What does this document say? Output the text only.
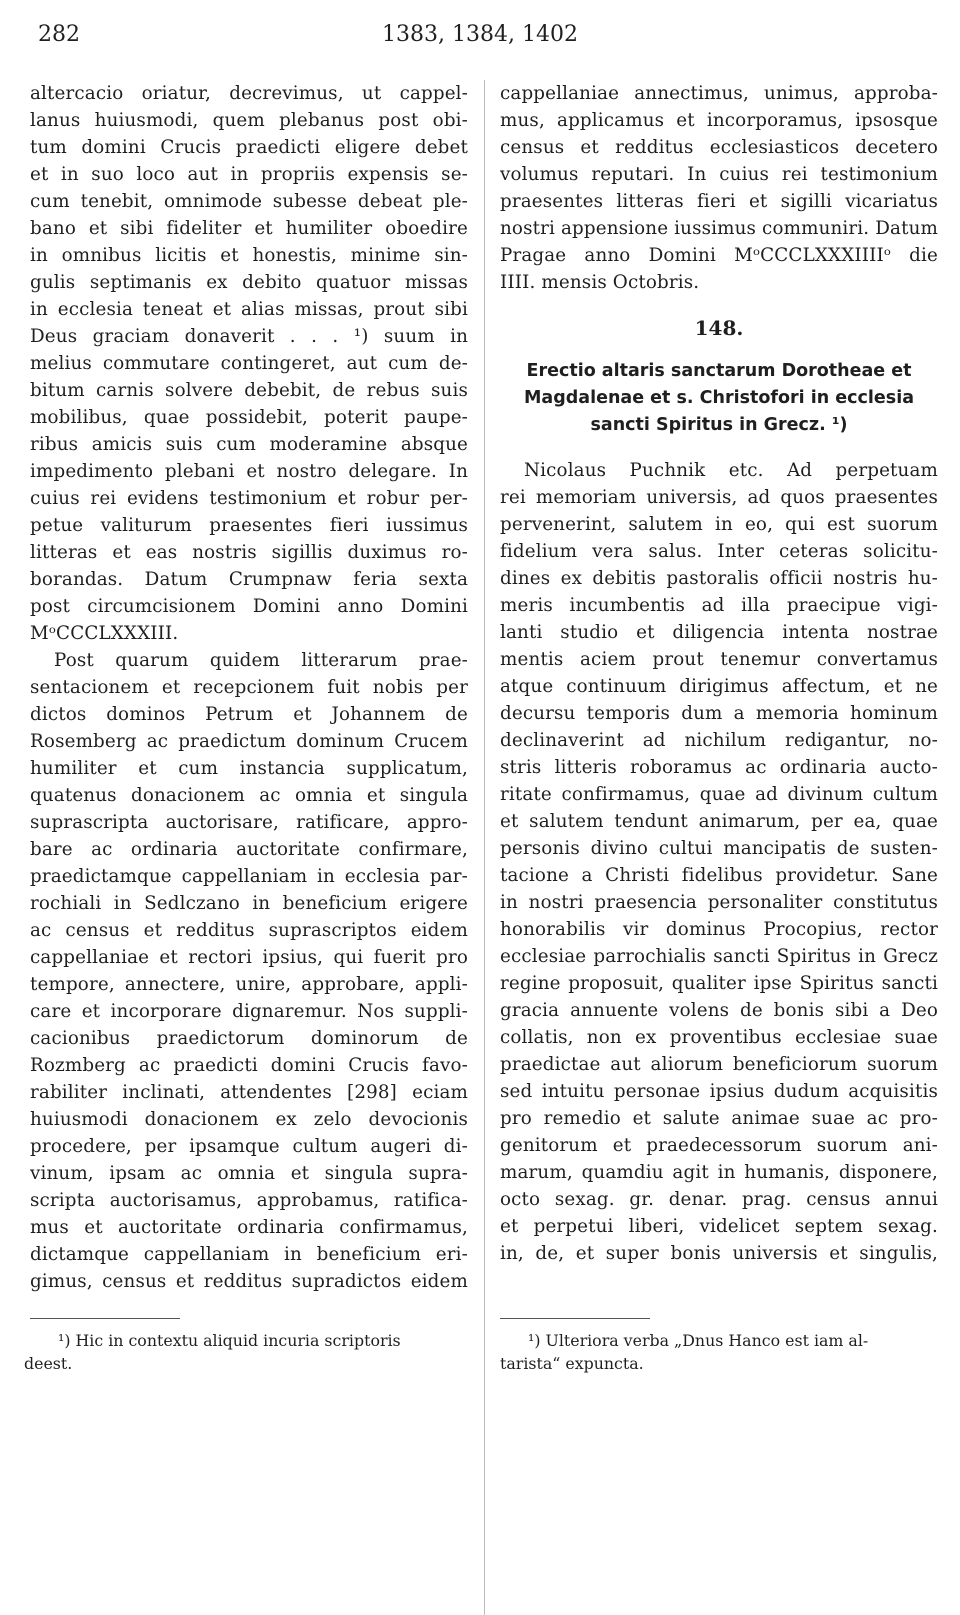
282	1383, 1384, 1402
altercacio oriatur, decrevimus, ut cappel-
lanus huiusmodi, quem plebanus post obi-
tum domini Crucis praedicti eligere debet
et in suo loco aut in propriis expensis se-
cum tenebit, omnimode subesse debeat ple-
bano et sibi fideliter et humiliter oboedire
in omnibus licitis et honestis, minime sin-
gulis septimanis ex debito quatuor missas
in ecclesia teneat et alias missas, prout sibi
Deus graciam donaverit . . . ¹) suum in
melius commutare contingeret, aut cum de-
bitum carnis solvere debebit, de rebus suis
mobilibus, quae possidebit, poterit paupe-
ribus amicis suis cum moderamine absque
impedimento plebani et nostro delegare. In
cuius rei evidens testimonium et robur per-
petue valiturum praesentes fieri iussimus
litteras et eas nostris sigillis duximus ro-
borandas. Datum Crumpnaw feria sexta
post circumcisionem Domini anno Domini
MᵒCCCLXXXIII.
Post quarum quidem litterarum prae-
sentacionem et recepcionem fuit nobis per
dictos dominos Petrum et Johannem de
Rosemberg ac praedictum dominum Crucem
humiliter et cum instancia supplicatum,
quatenus donacionem ac omnia et singula
suprascripta auctorisare, ratificare, appro-
bare ac ordinaria auctoritate confirmare,
praedictamque cappellaniam in ecclesia par-
rochiali in Sedlczano in beneficium erigere
ac census et redditus suprascriptos eidem
cappellaniae et rectori ipsius, qui fuerit pro
tempore, annectere, unire, approbare, appli-
care et incorporare dignaremur. Nos suppli-
cacionibus praedictorum dominorum de
Rozmberg ac praedicti domini Crucis favo-
rabiliter inclinati, attendentes [298] eciam
huiusmodi donacionem ex zelo devocionis
procedere, per ipsamque cultum augeri di-
vinum, ipsam ac omnia et singula supra-
scripta auctorisamus, approbamus, ratifica-
mus et auctoritate ordinaria confirmamus,
dictamque cappellaniam in beneficium eri-
gimus, census et redditus supradictos eidem
cappellaniae annectimus, unimus, approba-
mus, applicamus et incorporamus, ipsosque
census et redditus ecclesiasticos decetero
volumus reputari. In cuius rei testimonium
praesentes litteras fieri et sigilli vicariatus
nostri appensione iussimus communiri. Datum
Pragae anno Domini MᵒCCCLXXXIIIIᵒ die
IIII. mensis Octobris.
148.
Erectio altaris sanctarum Dorotheae et
Magdalenae et s. Christofori in ecclesia
sancti Spiritus in Grecz. ¹)
Nicolaus Puchnik etc. Ad perpetuam
rei memoriam universis, ad quos praesentes
pervenerint, salutem in eo, qui est suorum
fidelium vera salus. Inter ceteras solicitu-
dines ex debitis pastoralis officii nostris hu-
meris incumbentis ad illa praecipue vigi-
lanti studio et diligencia intenta nostrae
mentis aciem prout tenemur convertamus
atque continuum dirigimus affectum, et ne
decursu temporis dum a memoria hominum
declinaverint ad nichilum redigantur, no-
stris litteris roboramus ac ordinaria aucto-
ritate confirmamus, quae ad divinum cultum
et salutem tendunt animarum, per ea, quae
personis divino cultui mancipatis de susten-
tacione a Christi fidelibus providetur. Sane
in nostri praesencia personaliter constitutus
honorabilis vir dominus Procopius, rector
ecclesiae parrochialis sancti Spiritus in Grecz
regine proposuit, qualiter ipse Spiritus sancti
gracia annuente volens de bonis sibi a Deo
collatis, non ex proventibus ecclesiae suae
praedictae aut aliorum beneficiorum suorum
sed intuitu personae ipsius dudum acquisitis
pro remedio et salute animae suae ac pro-
genitorum et praedecessorum suorum ani-
marum, quamdiu agit in humanis, disponere,
octo sexag. gr. denar. prag. census annui
et perpetui liberi, videlicet septem sexag.
in, de, et super bonis universis et singulis,
¹) Hic in contextu aliquid incuria scriptoris
deest.
¹) Ulteriora verba „Dnus Hanco est iam al-
tarista“ expuncta.
